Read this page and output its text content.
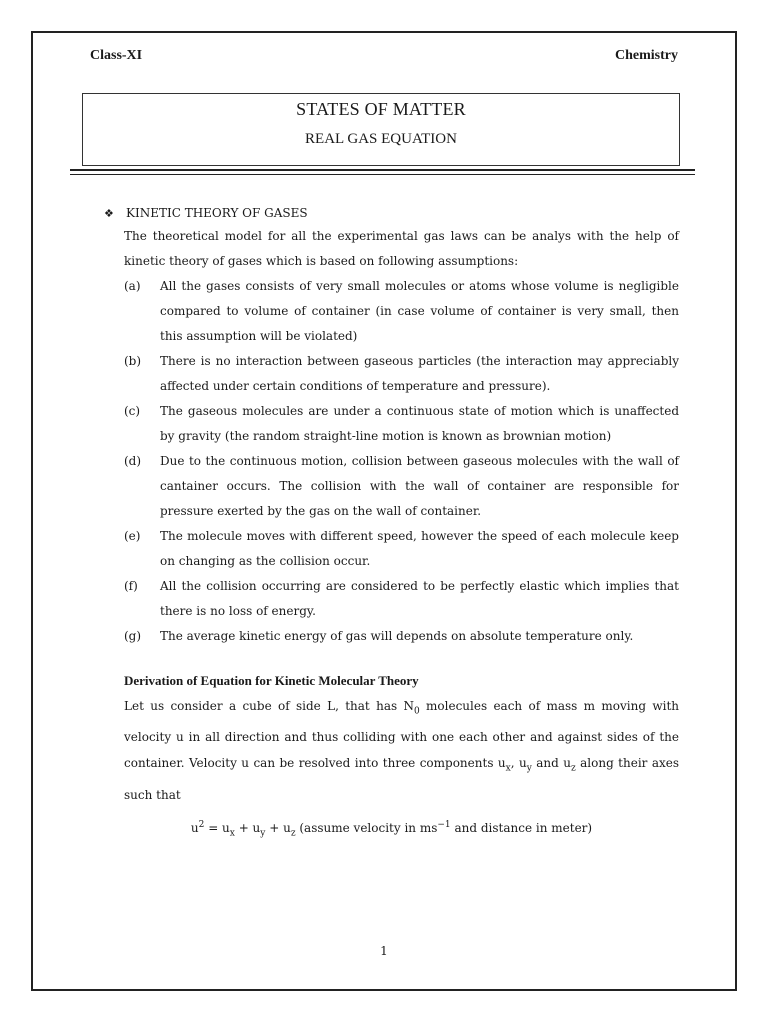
Class-XI	Chemistry
STATES OF MATTER
REAL GAS EQUATION
❖	KINETIC THEORY OF GASES

The theoretical model for all the experimental gas laws can be analys with the help of kinetic theory of gases which is based on following assumptions:

(a)	All the gases consists of very small molecules or atoms whose volume is negligible compared to volume of container (in case volume of container is very small, then this assumption will be violated)
(b)	There is no interaction between gaseous particles (the interaction may appreciably affected under certain conditions of temperature and pressure).
(c)	The gaseous molecules are under a continuous state of motion which is unaffected by gravity (the random straight-line motion is known as brownian motion)
(d)	Due to the continuous motion, collision between gaseous molecules with the wall of cantainer occurs. The collision with the wall of container are responsible for pressure exerted by the gas on the wall of container.
(e)	The molecule moves with different speed, however the speed of each molecule keep on changing as the collision occur.
(f)	All the collision occurring are considered to be perfectly elastic which implies that there is no loss of energy.
(g)	The average kinetic energy of gas will depends on absolute temperature only.
Derivation of Equation for Kinetic Molecular Theory
Let us consider a cube of side L, that has $N_0$ molecules each of mass m moving with velocity u in all direction and thus colliding with one each other and against sides of the container. Velocity u can be resolved into three components $u_x$, $u_y$ and $u_z$ along their axes such that
$u^2 = u_x + u_y + u_z$ (assume velocity in $ms^{-1}$ and distance in meter)
1
